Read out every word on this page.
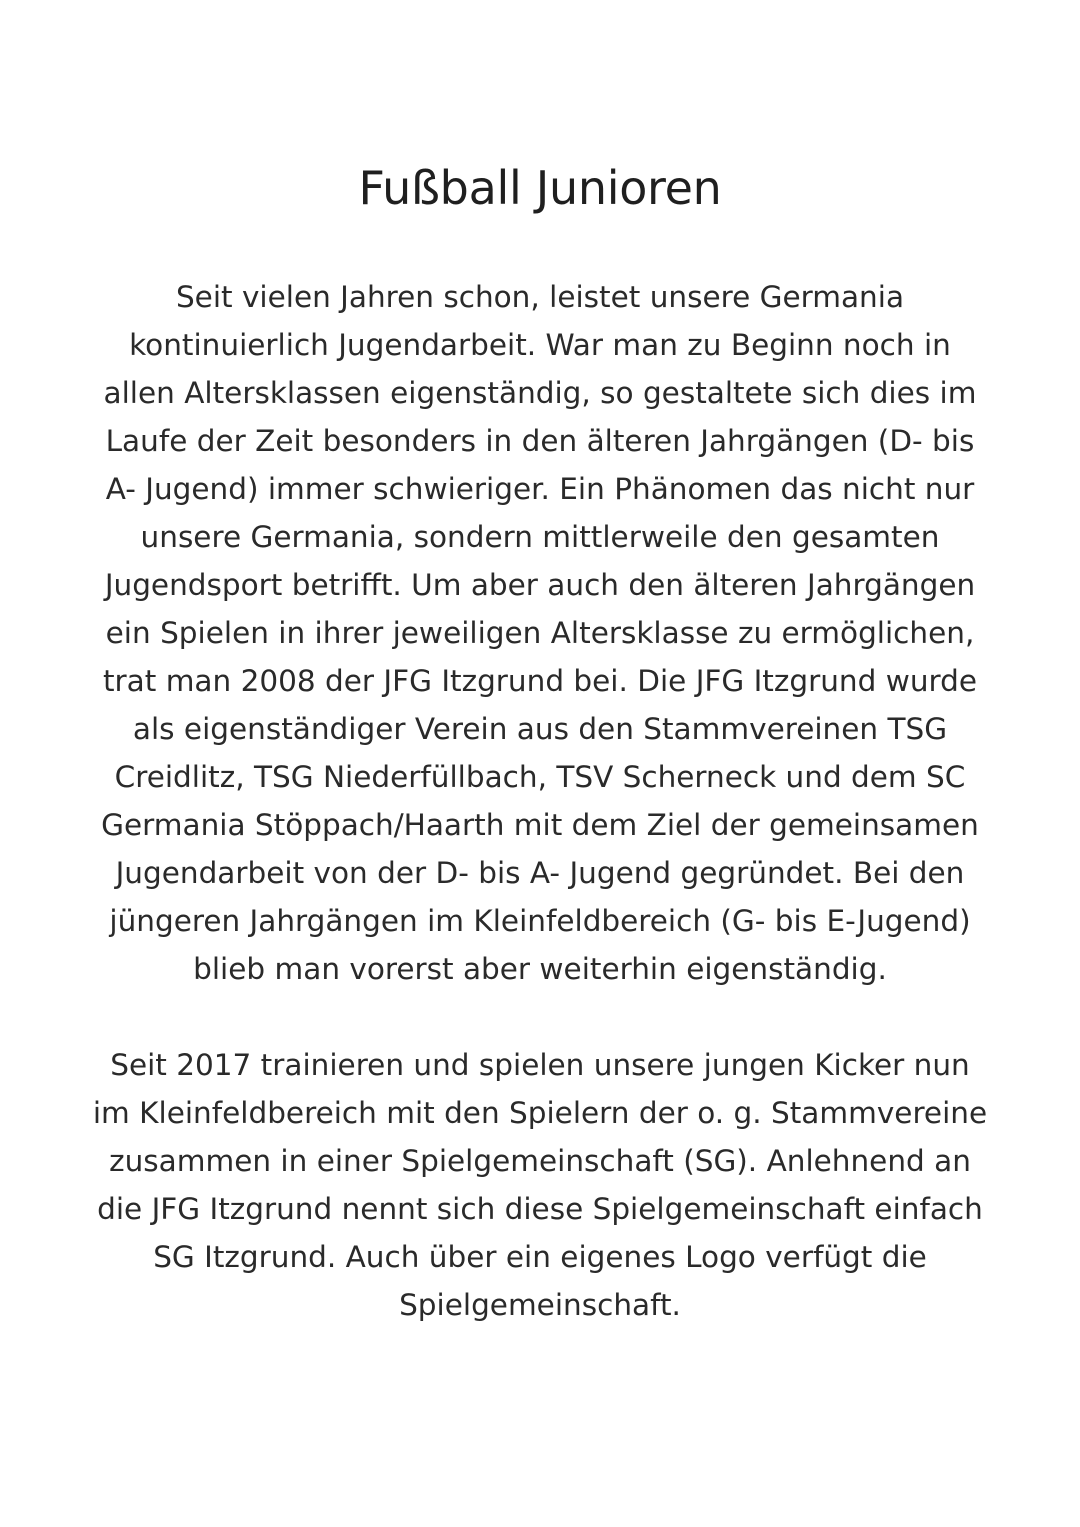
Fußball Junioren

Seit vielen Jahren schon, leistet unsere Germania kontinuierlich Jugendarbeit. War man zu Beginn noch in allen Altersklassen eigenständig, so gestaltete sich dies im Laufe der Zeit besonders in den älteren Jahrgängen (D- bis A- Jugend) immer schwieriger. Ein Phänomen das nicht nur unsere Germania, sondern mittlerweile den gesamten Jugendsport betrifft. Um aber auch den älteren Jahrgängen ein Spielen in ihrer jeweiligen Altersklasse zu ermöglichen, trat man 2008 der JFG Itzgrund bei. Die JFG Itzgrund wurde als eigenständiger Verein aus den Stammvereinen TSG Creidlitz, TSG Niederfüllbach, TSV Scherneck und dem SC Germania Stöppach/Haarth mit dem Ziel der gemeinsamen Jugendarbeit von der D- bis A- Jugend gegründet. Bei den jüngeren Jahrgängen im Kleinfeldbereich (G- bis E-Jugend) blieb man vorerst aber weiterhin eigenständig.

Seit 2017 trainieren und spielen unsere jungen Kicker nun im Kleinfeldbereich mit den Spielern der o. g. Stammvereine zusammen in einer Spielgemeinschaft (SG). Anlehnend an die JFG Itzgrund nennt sich diese Spielgemeinschaft einfach SG Itzgrund. Auch über ein eigenes Logo verfügt die Spielgemeinschaft.
